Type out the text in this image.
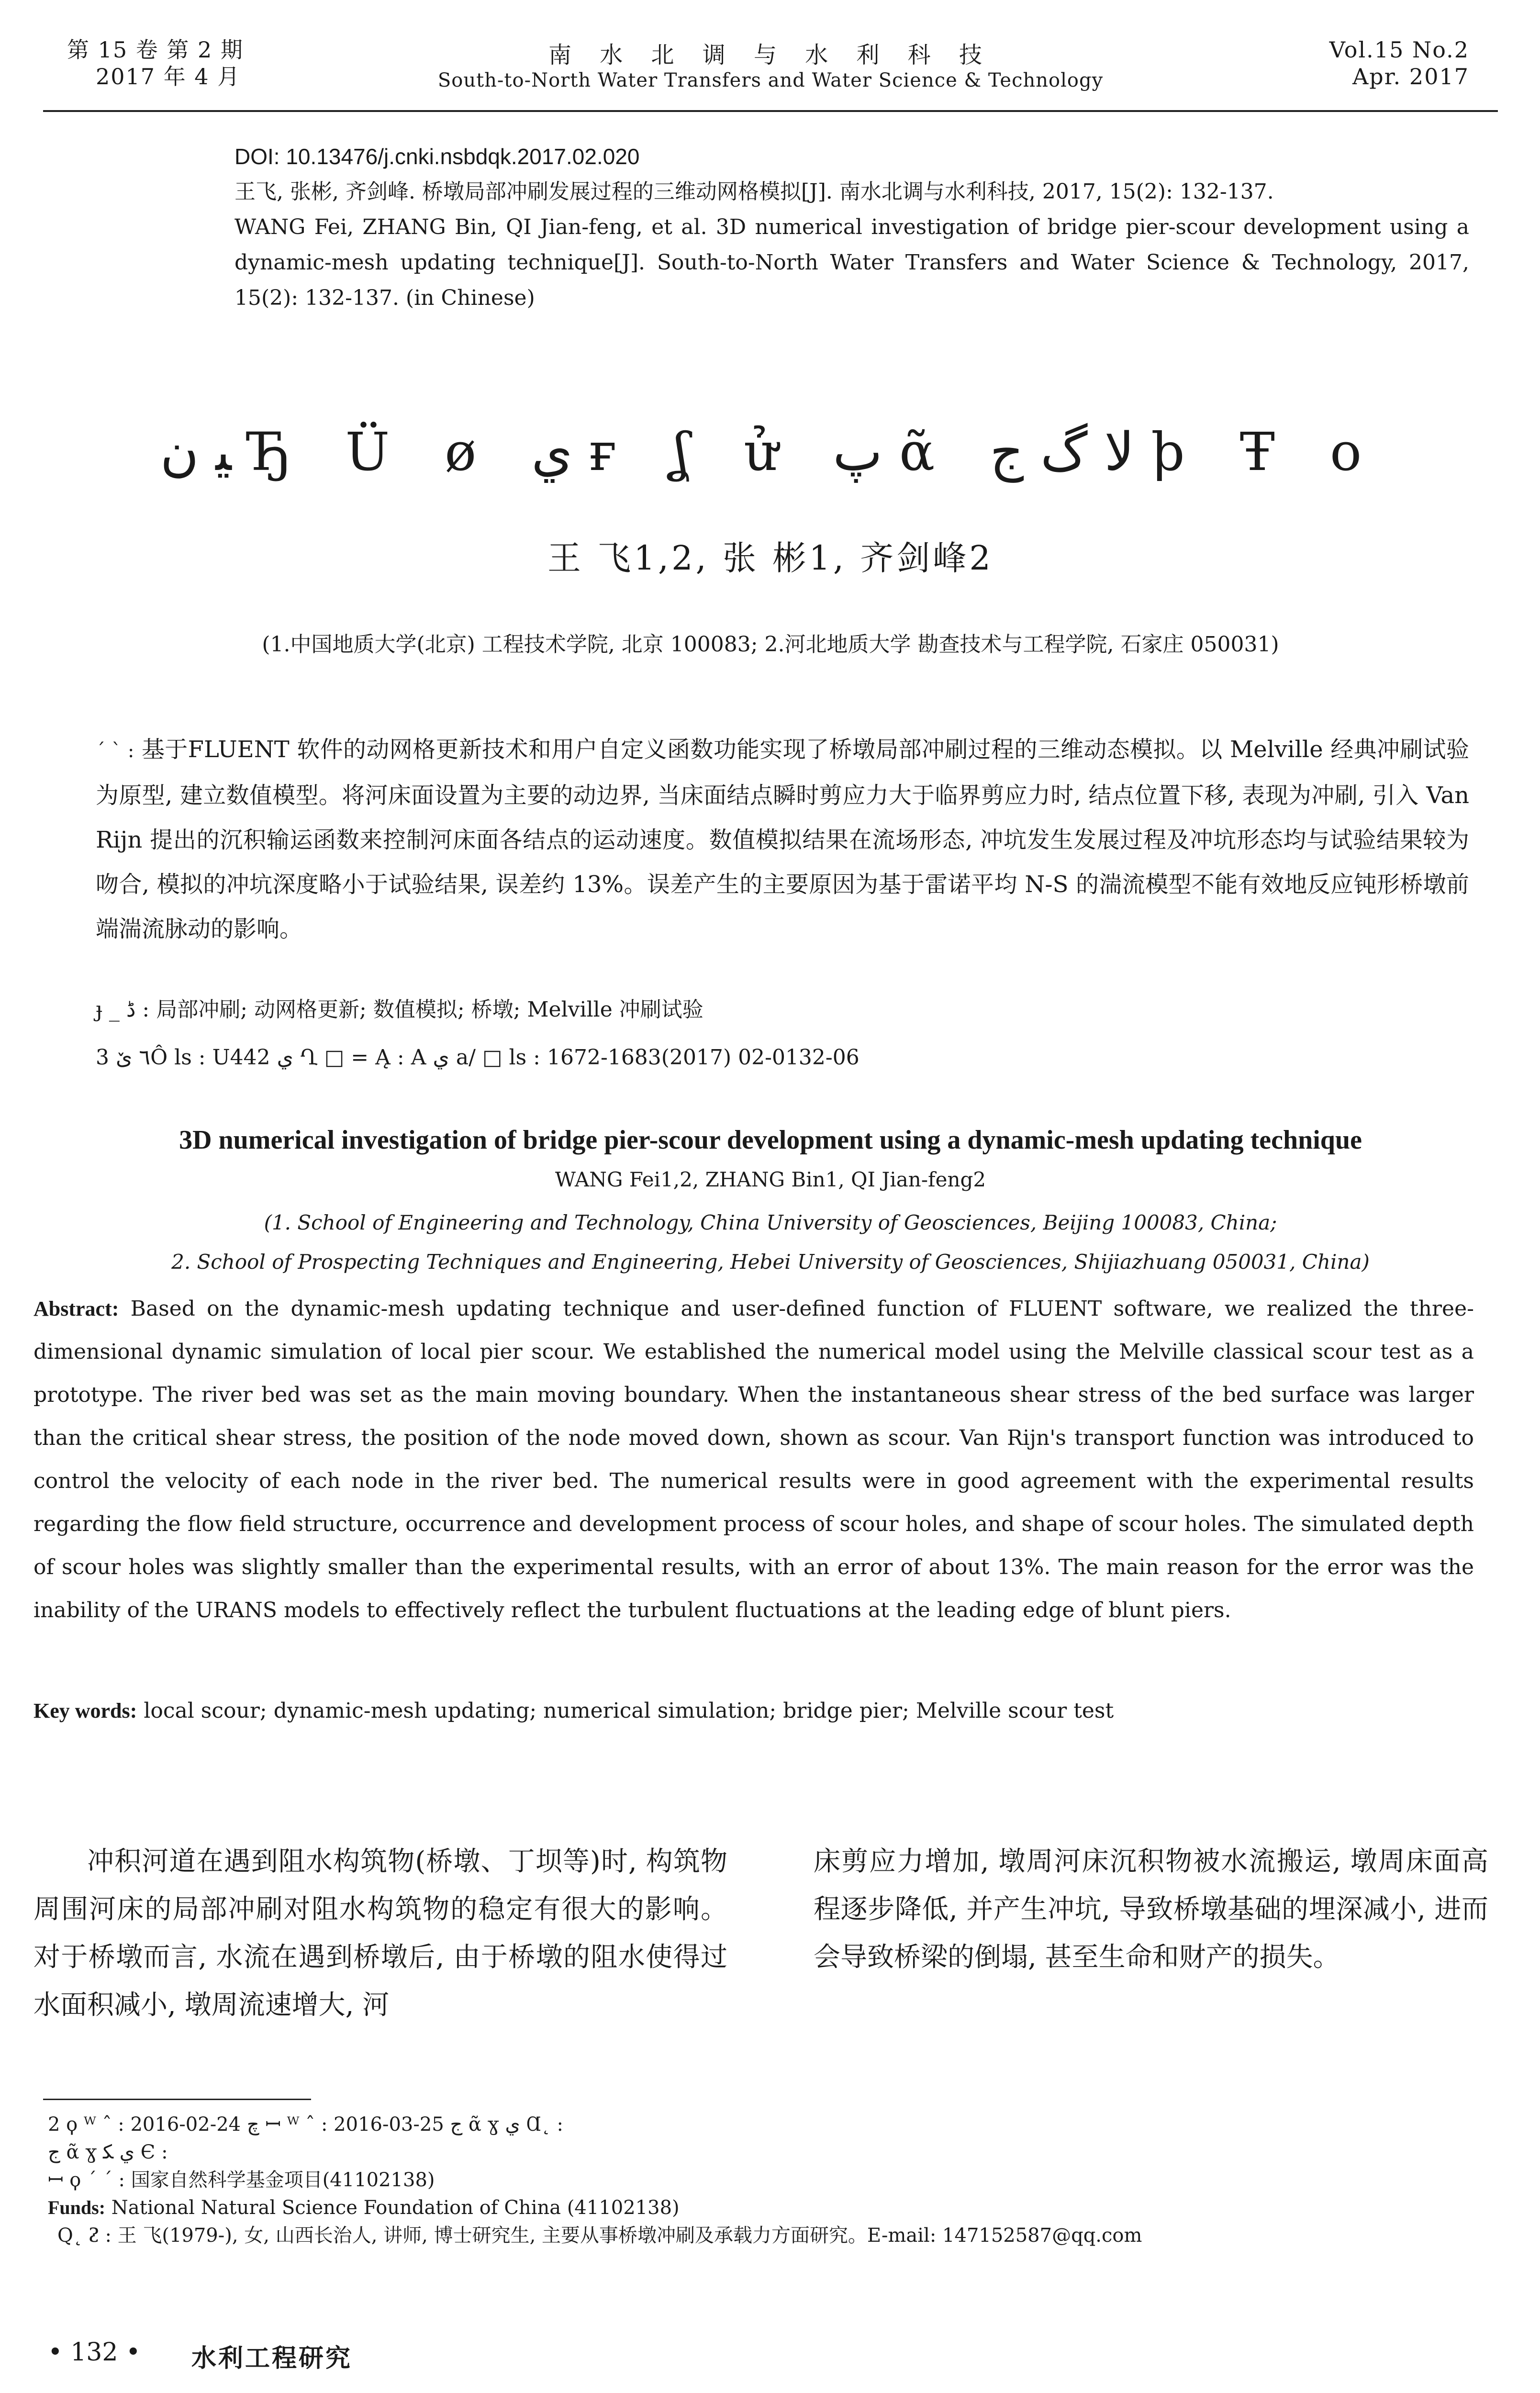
第 15 卷 第 2 期
2017 年 4 月
南 水 北 调 与 水 利 科 技
South-to-North Water Transfers and Water Science & Technology
Vol.15 No.2
Apr. 2017
DOI: 10.13476/j.cnki.nsbdqk.2017.02.020
王飞, 张彬, 齐剑峰. 桥墩局部冲刷发展过程的三维动网格模拟[J]. 南水北调与水利科技, 2017, 15(2): 132-137.
WANG Fei, ZHANG Bin, QI Jian-feng, et al. 3D numerical investigation of bridge pier-scour development using a dynamic-mesh updating technique[J]. South-to-North Water Transfers and Water Science & Technology, 2017, 15(2): 132-137. (in Chinese)
ﯿ ﻥ Ђ Ü ø ي ғ ʆ ử پ ᾶ ﻻ گ ج ϸ Ŧ o
王 飞1,2, 张 彬1, 齐剑峰2
(1.中国地质大学(北京) 工程技术学院, 北京 100083; 2.河北地质大学 勘查技术与工程学院, 石家庄 050031)
ˊ ˋ : 基于FLUENT 软件的动网格更新技术和用户自定义函数功能实现了桥墩局部冲刷过程的三维动态模拟。以 Melville 经典冲刷试验为原型, 建立数值模型。将河床面设置为主要的动边界, 当床面结点瞬时剪应力大于临界剪应力时, 结点位置下移, 表现为冲刷, 引入 Van Rijn 提出的沉积输运函数来控制河床面各结点的运动速度。数值模拟结果在流场形态, 冲坑发生发展过程及冲坑形态均与试验结果较为吻合, 模拟的冲坑深度略小于试验结果, 误差约 13%。误差产生的主要原因为基于雷诺平均 N-S 的湍流模型不能有效地反应钝形桥墩前端湍流脉动的影响。
ɟ _ ڈ : 局部冲刷; 动网格更新; 数值模拟; 桥墩; Melville 冲刷试验
3 ٦ ێÔ ls : U442 ي Ղ □ = Ą : A ي a/ □ ls : 1672-1683(2017) 02-0132-06
3D numerical investigation of bridge pier-scour development using a dynamic-mesh updating technique
WANG Fei1,2, ZHANG Bin1, QI Jian-feng2
(1. School of Engineering and Technology, China University of Geosciences, Beijing 100083, China;
2. School of Prospecting Techniques and Engineering, Hebei University of Geosciences, Shijiazhuang 050031, China)
Abstract: Based on the dynamic-mesh updating technique and user-defined function of FLUENT software, we realized the three-dimensional dynamic simulation of local pier scour. We established the numerical model using the Melville classical scour test as a prototype. The river bed was set as the main moving boundary. When the instantaneous shear stress of the bed surface was larger than the critical shear stress, the position of the node moved down, shown as scour. Van Rijn's transport function was introduced to control the velocity of each node in the river bed. The numerical results were in good agreement with the experimental results regarding the flow field structure, occurrence and development process of scour holes, and shape of scour holes. The simulated depth of scour holes was slightly smaller than the experimental results, with an error of about 13%. The main reason for the error was the inability of the URANS models to effectively reflect the turbulent fluctuations at the leading edge of blunt piers.
Key words: local scour; dynamic-mesh updating; numerical simulation; bridge pier; Melville scour test
冲积河道在遇到阻水构筑物(桥墩、丁坝等)时, 构筑物周围河床的局部冲刷对阻水构筑物的稳定有很大的影响。对于桥墩而言, 水流在遇到桥墩后, 由于桥墩的阻水使得过水面积减小, 墩周流速增大, 河
床剪应力增加, 墩周河床沉积物被水流搬运, 墩周床面高程逐步降低, 并产生冲坑, 导致桥墩基础的埋深减小, 进而会导致桥梁的倒塌, 甚至生命和财产的损失。
2 ϙ ᵂ ˆ : 2016-02-24 ﭺ ꟷ ᵂ ˆ : 2016-03-25 ج ᾶ ɣ ي Ɑ˛ :
ج ᾶ ɣ ي ﻜ Є :
ꟷ ϙ ˊ ˊ : 国家自然科学基金项目(41102138)
Funds: National Natural Science Foundation of China (41102138)
Q˛ ᴤ : 王 飞(1979-), 女, 山西长治人, 讲师, 博士研究生, 主要从事桥墩冲刷及承载力方面研究。E-mail: 147152587@qq.com
• 132 • 水利工程研究
